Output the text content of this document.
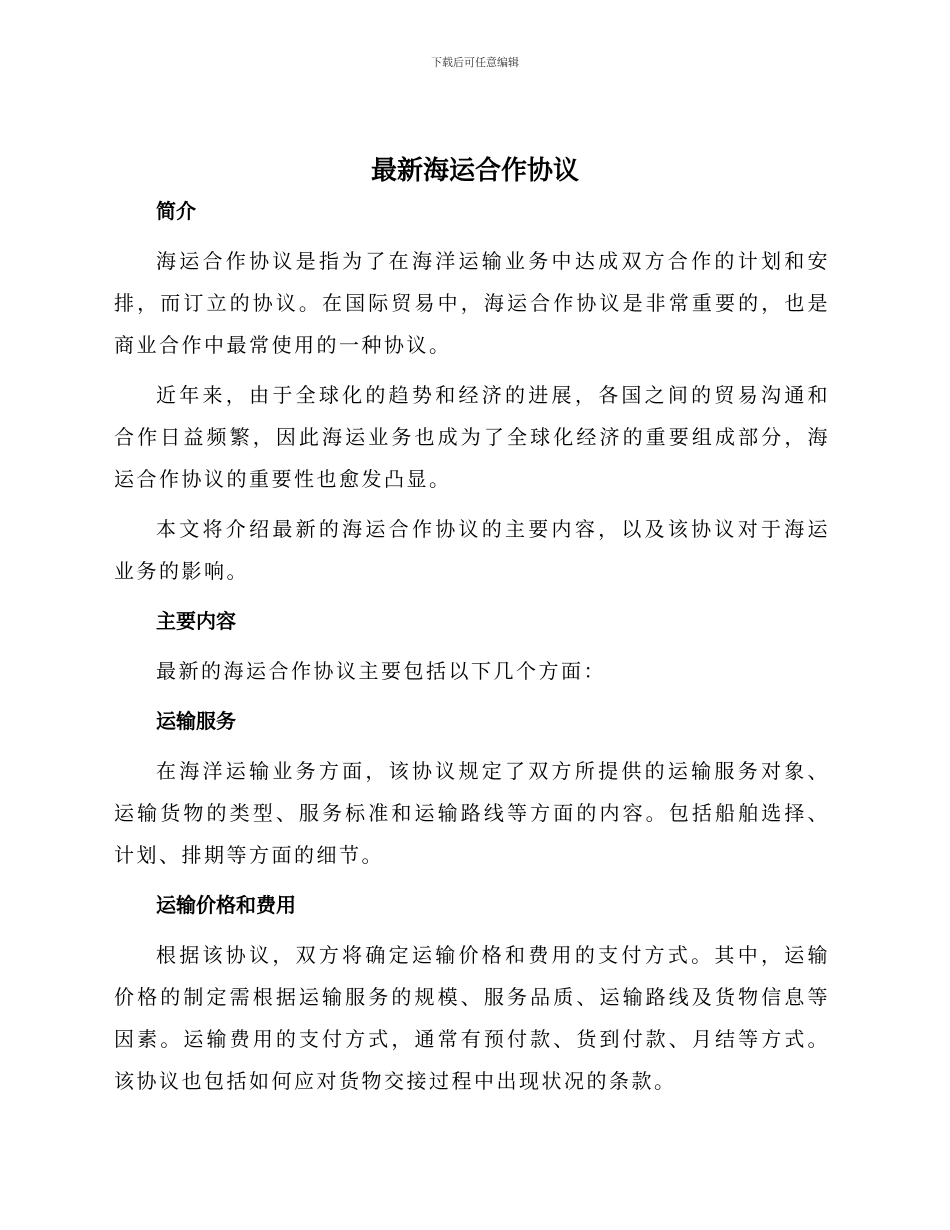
下载后可任意编辑
最新海运合作协议
简介

海运合作协议是指为了在海洋运输业务中达成双方合作的计划和安排，而订立的协议。在国际贸易中，海运合作协议是非常重要的，也是商业合作中最常使用的一种协议。

近年来，由于全球化的趋势和经济的进展，各国之间的贸易沟通和合作日益频繁，因此海运业务也成为了全球化经济的重要组成部分，海运合作协议的重要性也愈发凸显。

本文将介绍最新的海运合作协议的主要内容，以及该协议对于海运业务的影响。

主要内容

最新的海运合作协议主要包括以下几个方面：

运输服务

在海洋运输业务方面，该协议规定了双方所提供的运输服务对象、运输货物的类型、服务标准和运输路线等方面的内容。包括船舶选择、计划、排期等方面的细节。

运输价格和费用

根据该协议，双方将确定运输价格和费用的支付方式。其中，运输价格的制定需根据运输服务的规模、服务品质、运输路线及货物信息等因素。运输费用的支付方式，通常有预付款、货到付款、月结等方式。该协议也包括如何应对货物交接过程中出现状况的条款。
